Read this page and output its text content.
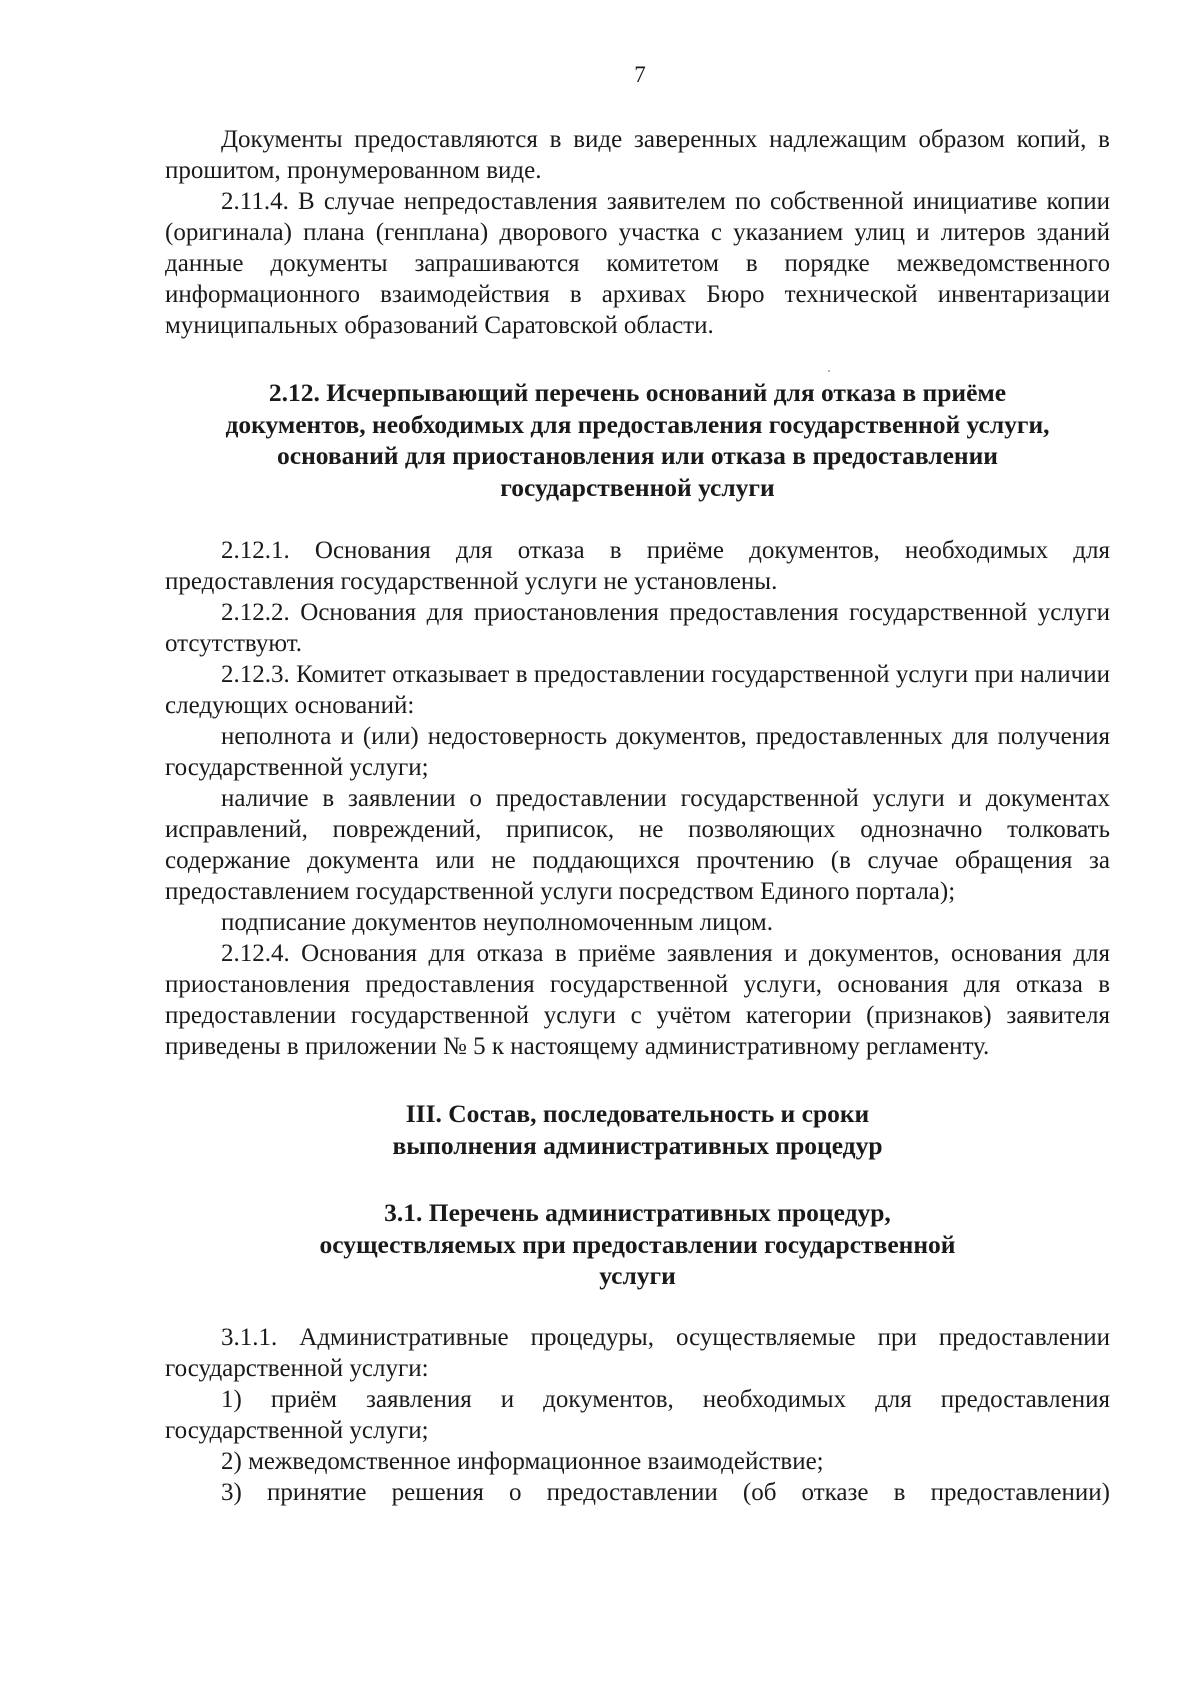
7

Документы предоставляются в виде заверенных надлежащим образом копий, в прошитом, пронумерованном виде.

2.11.4. В случае непредоставления заявителем по собственной инициативе копии (оригинала) плана (генплана) дворового участка с указанием улиц и литеров зданий данные документы запрашиваются комитетом в порядке межведомственного информационного взаимодействия в архивах Бюро технической инвентаризации муниципальных образований Саратовской области.

2.12. Исчерпывающий перечень оснований для отказа в приёме документов, необходимых для предоставления государственной услуги, оснований для приостановления или отказа в предоставлении государственной услуги

2.12.1. Основания для отказа в приёме документов, необходимых для предоставления государственной услуги не установлены.

2.12.2. Основания для приостановления предоставления государственной услуги отсутствуют.

2.12.3. Комитет отказывает в предоставлении государственной услуги при наличии следующих оснований:

неполнота и (или) недостоверность документов, предоставленных для получения государственной услуги;

наличие в заявлении о предоставлении государственной услуги и документах исправлений, повреждений, приписок, не позволяющих однозначно толковать содержание документа или не поддающихся прочтению (в случае обращения за предоставлением государственной услуги посредством Единого портала);

подписание документов неуполномоченным лицом.

2.12.4. Основания для отказа в приёме заявления и документов, основания для приостановления предоставления государственной услуги, основания для отказа в предоставлении государственной услуги с учётом категории (признаков) заявителя приведены в приложении № 5 к настоящему административному регламенту.

III. Состав, последовательность и сроки выполнения административных процедур

3.1. Перечень административных процедур, осуществляемых при предоставлении государственной услуги

3.1.1. Административные процедуры, осуществляемые при предоставлении государственной услуги:

1) приём заявления и документов, необходимых для предоставления государственной услуги;

2) межведомственное информационное взаимодействие;

3) принятие решения о предоставлении (об отказе в предоставлении)
